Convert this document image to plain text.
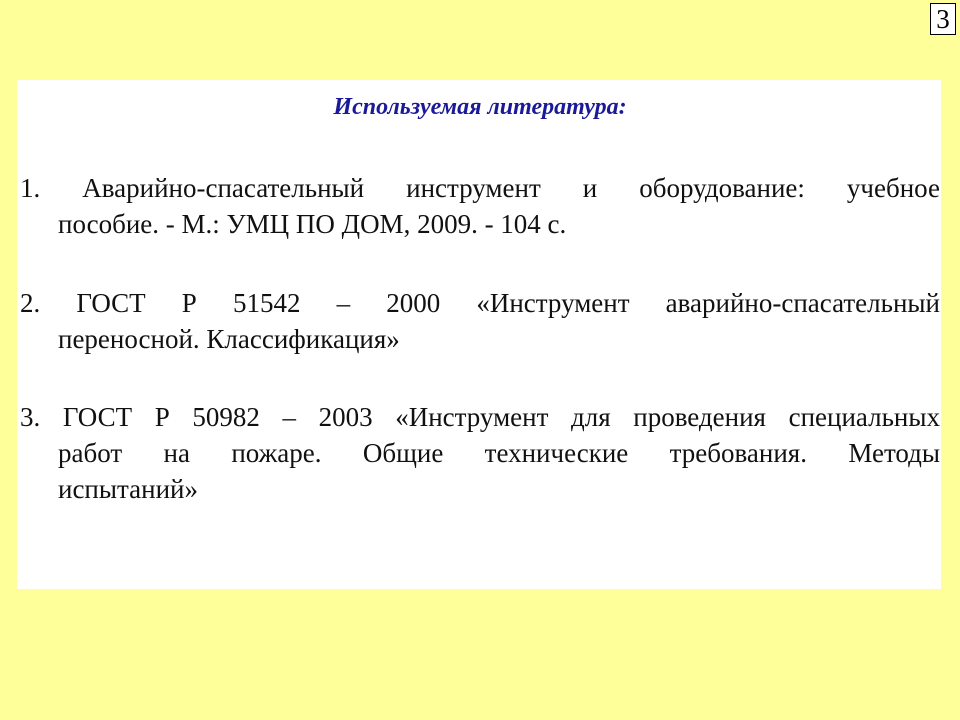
3
Используемая литература:
1. Аварийно-спасательный инструмент и оборудование: учебное
пособие. - М.: УМЦ ПО ДОМ, 2009. - 104 с.
2. ГОСТ Р 51542 – 2000 «Инструмент аварийно-спасательный
переносной. Классификация»
3. ГОСТ Р 50982 – 2003 «Инструмент для проведения специальных
работ на пожаре. Общие технические требования. Методы
испытаний»
